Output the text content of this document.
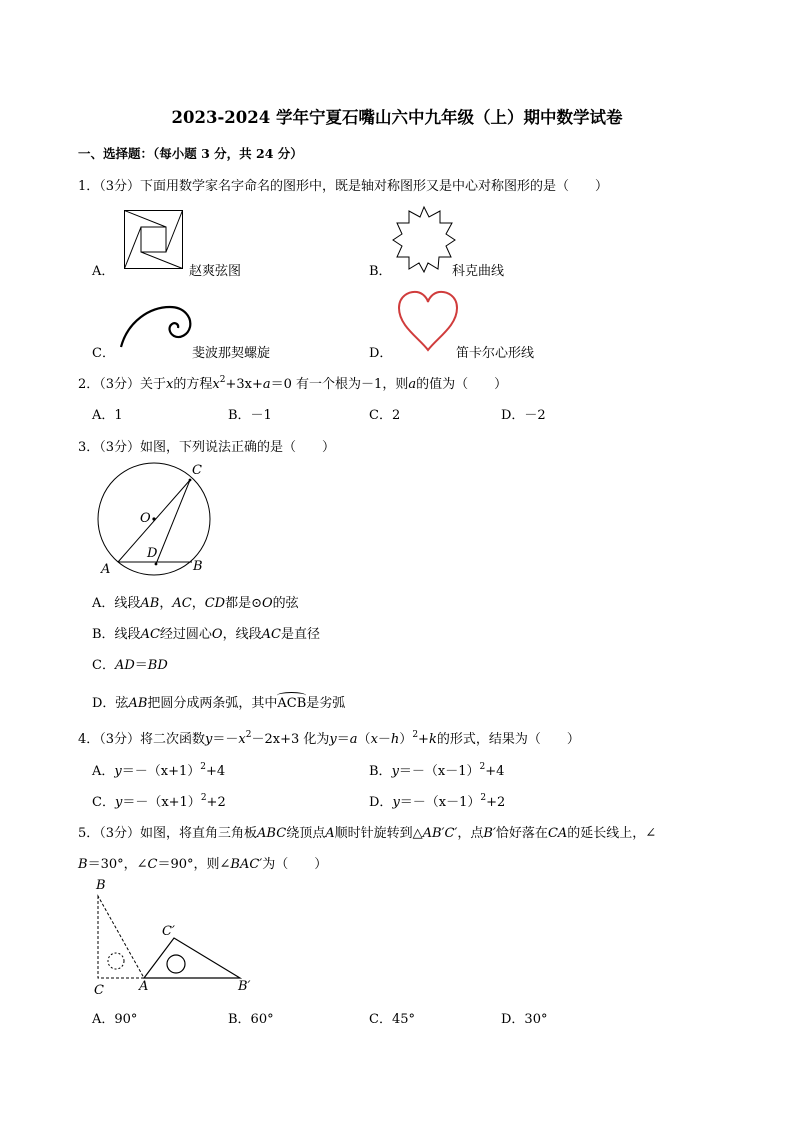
2023-2024 学年宁夏石嘴山六中九年级（上）期中数学试卷
一、选择题：（每小题 3 分，共 24 分）
1．（3分）下面用数学家名字命名的图形中，既是轴对称图形又是中心对称图形的是（　　）
A．	赵爽弦图	B．	科克曲线
C．	斐波那契螺旋	D．	笛卡尔心形线
2．（3分）关于x的方程$x^2+3x+a=0$ 有一个根为－1，则a的值为（　　）
A．1	B．－1	C．2	D．－2
3．（3分）如图，下列说法正确的是（　　）
C
O
D
A	B
A．线段AB，AC，CD都是⊙O的弦
B．线段AC经过圆心O，线段AC是直径
C．AD＝BD
D．弦AB把圆分成两条弧，其中ACB是劣弧
4．（3分）将二次函数$y=-x^2-2x+3$ 化为$y=a(x-h)^2+k$的形式，结果为（　　）
A．$y=-(x+1)^2+4$	B．$y=-(x-1)^2+4$
C．$y=-(x+1)^2+2$	D．$y=-(x-1)^2+2$
5．（3分）如图，将直角三角板ABC绕顶点A顺时针旋转到△AB′C′，点B′恰好落在CA的延长线上，∠
B＝30°，∠C＝90°，则∠BAC′为（　　）
B
C′
C	A	B′
A．90°	B．60°	C．45°	D．30°
